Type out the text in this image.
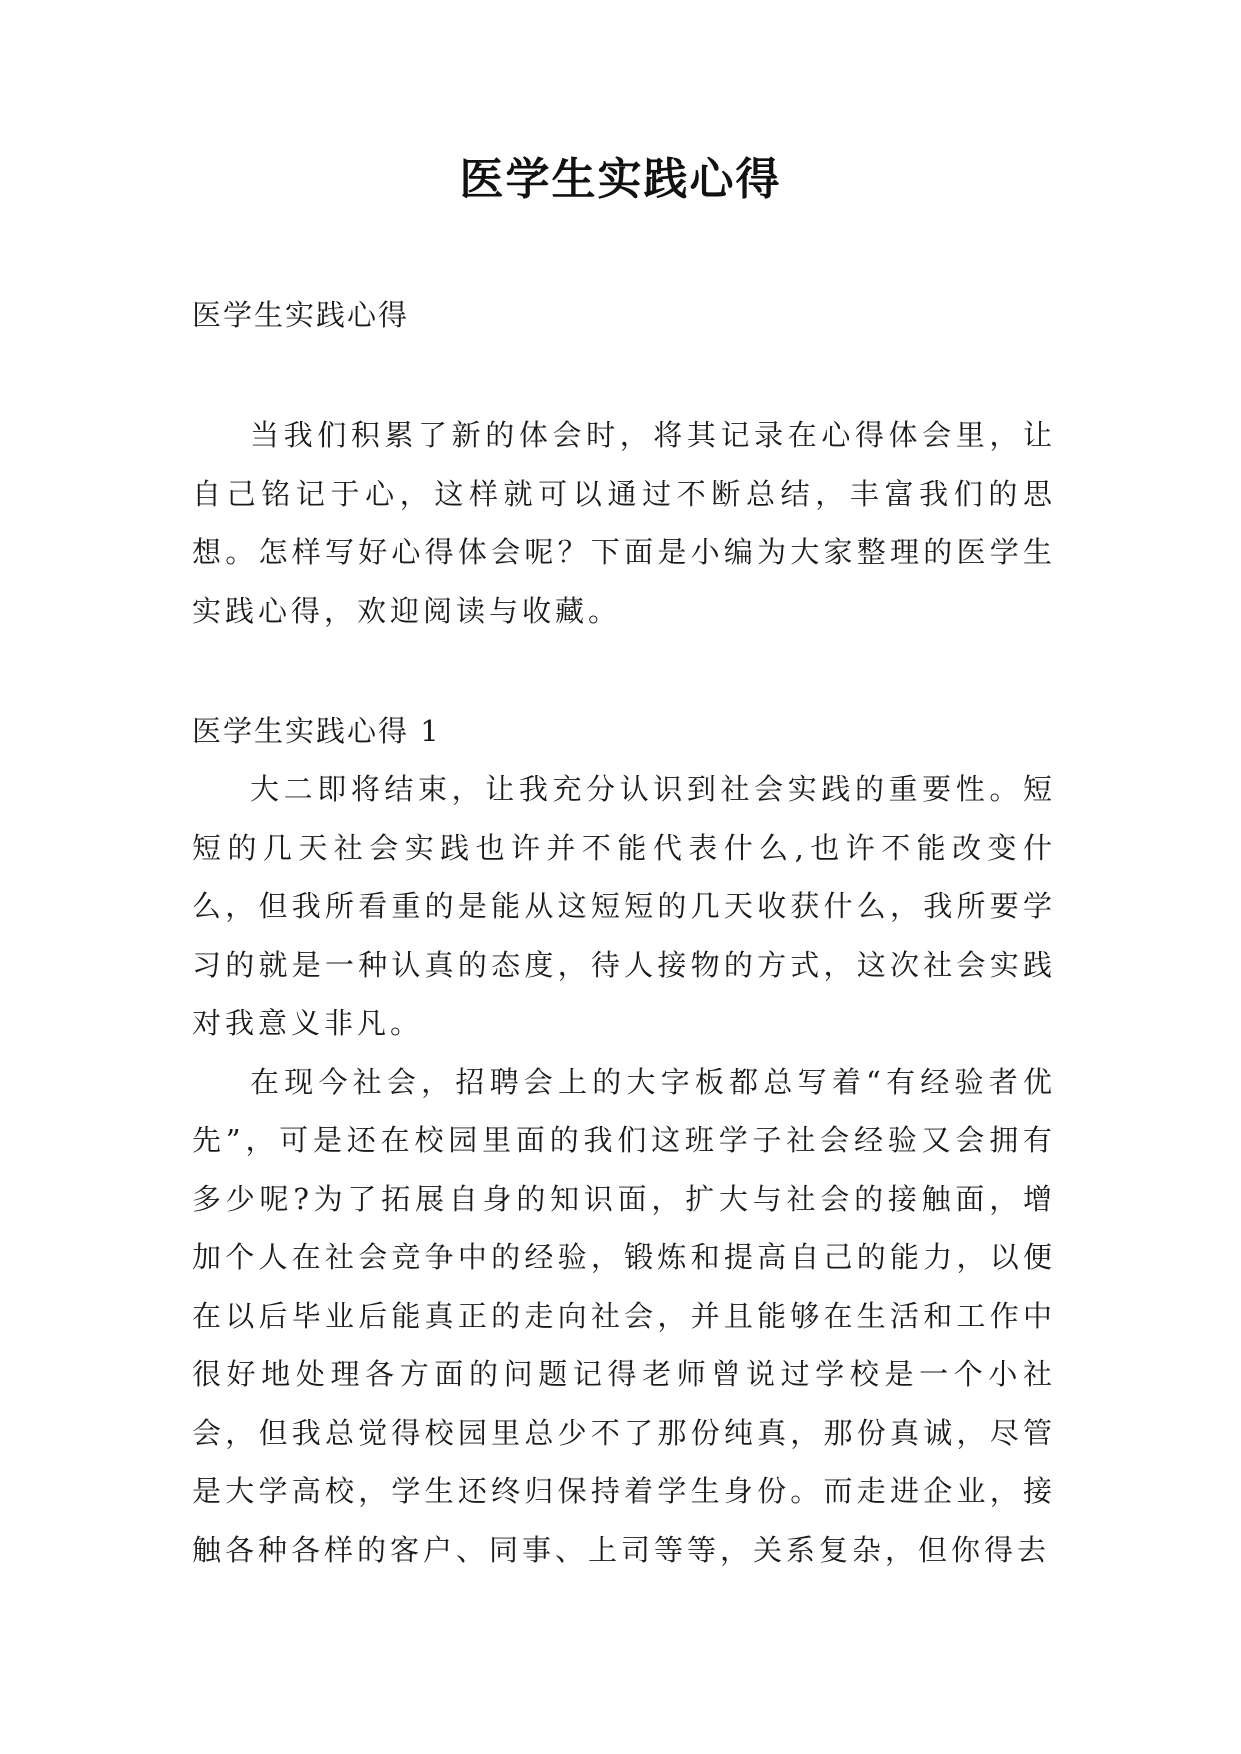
医学生实践心得

医学生实践心得

当我们积累了新的体会时，将其记录在心得体会里，让自己铭记于心，这样就可以通过不断总结，丰富我们的思想。怎样写好心得体会呢？下面是小编为大家整理的医学生实践心得，欢迎阅读与收藏。

医学生实践心得 1

大二即将结束，让我充分认识到社会实践的重要性。短短的几天社会实践也许并不能代表什么,也许不能改变什么，但我所看重的是能从这短短的几天收获什么，我所要学习的就是一种认真的态度，待人接物的方式，这次社会实践对我意义非凡。

在现今社会，招聘会上的大字板都总写着“有经验者优先”，可是还在校园里面的我们这班学子社会经验又会拥有多少呢?为了拓展自身的知识面，扩大与社会的接触面，增加个人在社会竞争中的经验，锻炼和提高自己的能力，以便在以后毕业后能真正的走向社会，并且能够在生活和工作中很好地处理各方面的问题记得老师曾说过学校是一个小社会，但我总觉得校园里总少不了那份纯真，那份真诚，尽管是大学高校，学生还终归保持着学生身份。而走进企业，接触各种各样的客户、同事、上司等等，关系复杂，但你得去
